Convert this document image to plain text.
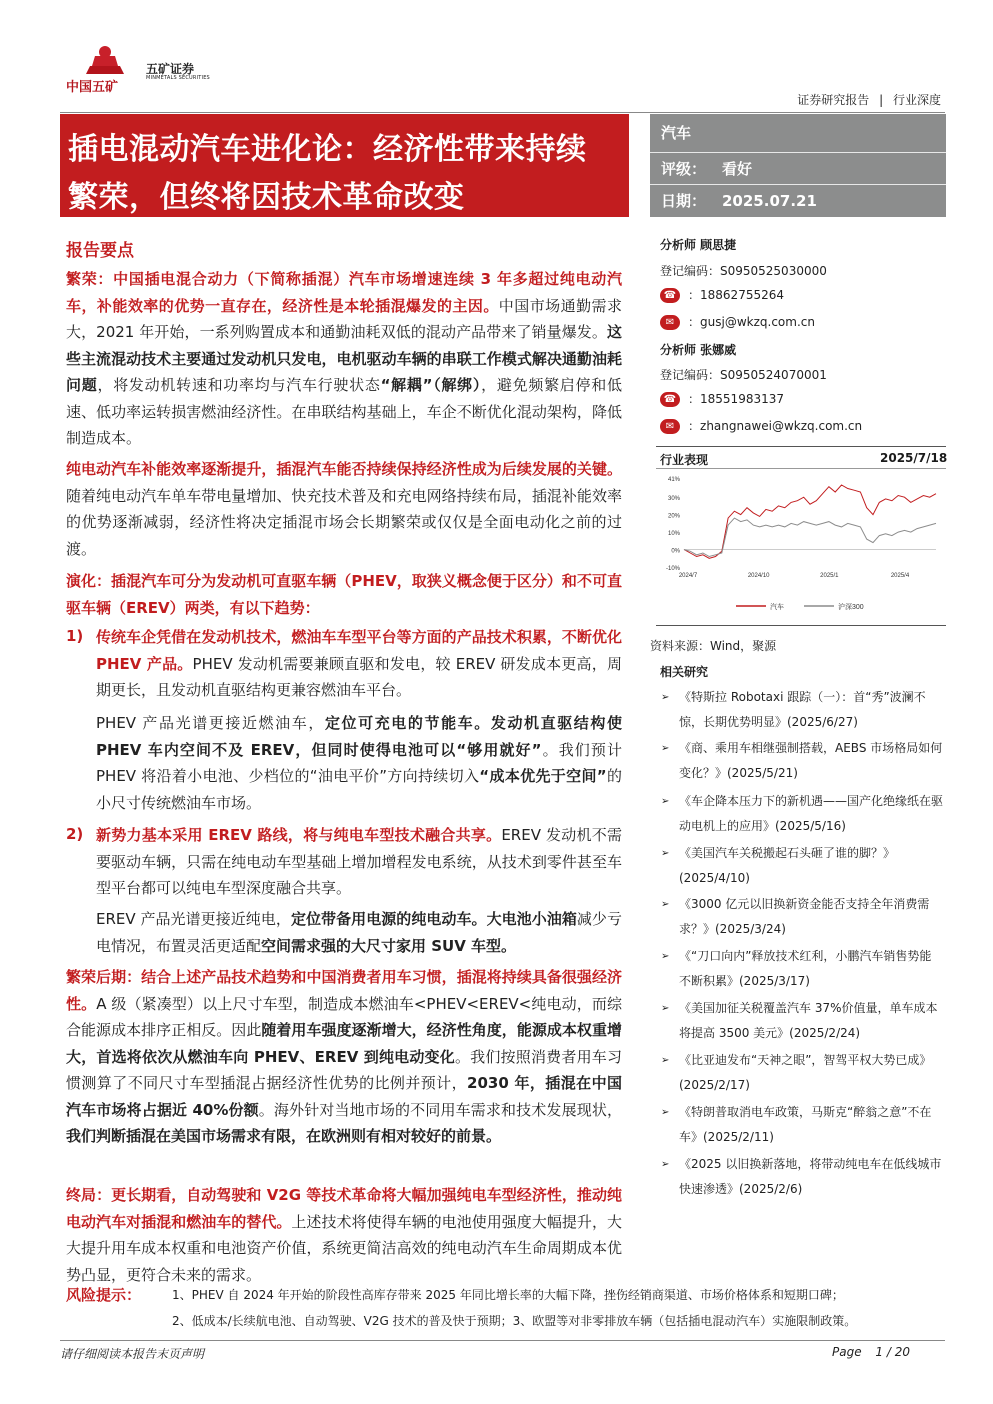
中国五矿
五矿证券
MINMETALS SECURITIES
证券研究报告 | 行业深度
插电混动汽车进化论：经济性带来持续
繁荣，但终将因技术革命改变
汽车
评级： 看好
日期： 2025.07.21
报告要点
繁荣：中国插电混合动力（下简称插混）汽车市场增速连续 3 年多超过纯电动汽车，补能效率的优势一直存在，经济性是本轮插混爆发的主因。中国市场通勤需求大，2021 年开始，一系列购置成本和通勤油耗双低的混动产品带来了销量爆发。这些主流混动技术主要通过发动机只发电，电机驱动车辆的串联工作模式解决通勤油耗问题，将发动机转速和功率均与汽车行驶状态“解耦”（解绑），避免频繁启停和低速、低功率运转损害燃油经济性。在串联结构基础上，车企不断优化混动架构，降低制造成本。
纯电动汽车补能效率逐渐提升，插混汽车能否持续保持经济性成为后续发展的关键。随着纯电动汽车单车带电量增加、快充技术普及和充电网络持续布局，插混补能效率的优势逐渐减弱，经济性将决定插混市场会长期繁荣或仅仅是全面电动化之前的过渡。
演化：插混汽车可分为发动机可直驱车辆（PHEV，取狭义概念便于区分）和不可直驱车辆（EREV）两类，有以下趋势：
1) 传统车企凭借在发动机技术，燃油车车型平台等方面的产品技术积累，不断优化 PHEV 产品。PHEV 发动机需要兼顾直驱和发电，较 EREV 研发成本更高，周期更长，且发动机直驱结构更兼容燃油车平台。
PHEV 产品光谱更接近燃油车，定位可充电的节能车。发动机直驱结构使 PHEV 车内空间不及 EREV，但同时使得电池可以“够用就好”。我们预计 PHEV 将沿着小电池、少档位的“油电平价”方向持续切入“成本优先于空间”的小尺寸传统燃油车市场。
2) 新势力基本采用 EREV 路线，将与纯电车型技术融合共享。EREV 发动机不需要驱动车辆，只需在纯电动车型基础上增加增程发电系统，从技术到零件甚至车型平台都可以纯电车型深度融合共享。
EREV 产品光谱更接近纯电，定位带备用电源的纯电动车。大电池小油箱减少亏电情况，布置灵活更适配空间需求强的大尺寸家用 SUV 车型。
繁荣后期：结合上述产品技术趋势和中国消费者用车习惯，插混将持续具备很强经济性。A 级（紧凑型）以上尺寸车型，制造成本燃油车<PHEV<EREV<纯电动，而综合能源成本排序正相反。因此随着用车强度逐渐增大，经济性角度，能源成本权重增大，首选将依次从燃油车向 PHEV、EREV 到纯电动变化。我们按照消费者用车习惯测算了不同尺寸车型插混占据经济性优势的比例并预计，2030 年，插混在中国汽车市场将占据近 40%份额。海外针对当地市场的不同用车需求和技术发展现状，我们判断插混在美国市场需求有限，在欧洲则有相对较好的前景。
终局：更长期看，自动驾驶和 V2G 等技术革命将大幅加强纯电车型经济性，推动纯电动汽车对插混和燃油车的替代。上述技术将使得车辆的电池使用强度大幅提升，大大提升用车成本权重和电池资产价值，系统更简洁高效的纯电动汽车生命周期成本优势凸显，更符合未来的需求。
风险提示：	1、PHEV 自 2024 年开始的阶段性高库存带来 2025 年同比增长率的大幅下降，挫伤经销商渠道、市场价格体系和短期口碑；
2、低成本/长续航电池、自动驾驶、V2G 技术的普及快于预期；3、欧盟等对非零排放车辆（包括插电混动汽车）实施限制政策。
分析师 顾思捷
登记编码：S0950525030000
☎ ：18862755264
✉ ：gusj@wkzq.com.cn
分析师 张娜威
登记编码：S0950524070001
☎ ：18551983137
✉ ：zhangnawei@wkzq.com.cn
行业表现	2025/7/18
41%
30%
20%
10%
0%
-10%
2024/7	2024/10	2025/1	2025/4
汽车	沪深300
资料来源：Wind，聚源
相关研究
➢ 《特斯拉 Robotaxi 跟踪（一）：首“秀”波澜不惊，长期优势明显》(2025/6/27)
➢ 《商、乘用车相继强制搭载，AEBS 市场格局如何变化？》(2025/5/21)
➢ 《车企降本压力下的新机遇——国产化绝缘纸在驱动电机上的应用》(2025/5/16)
➢ 《美国汽车关税搬起石头砸了谁的脚？》(2025/4/10)
➢ 《3000 亿元以旧换新资金能否支持全年消费需求？》(2025/3/24)
➢ 《“刀口向内”释放技术红利，小鹏汽车销售势能不断积累》(2025/3/17)
➢ 《美国加征关税覆盖汽车 37%价值量，单车成本将提高 3500 美元》(2025/2/24)
➢ 《比亚迪发布“天神之眼”，智驾平权大势已成》(2025/2/17)
➢ 《特朗普取消电车政策，马斯克“醉翁之意”不在车》(2025/2/11)
➢ 《2025 以旧换新落地，将带动纯电车在低线城市快速渗透》(2025/2/6)
请仔细阅读本报告末页声明	Page 1 / 20
